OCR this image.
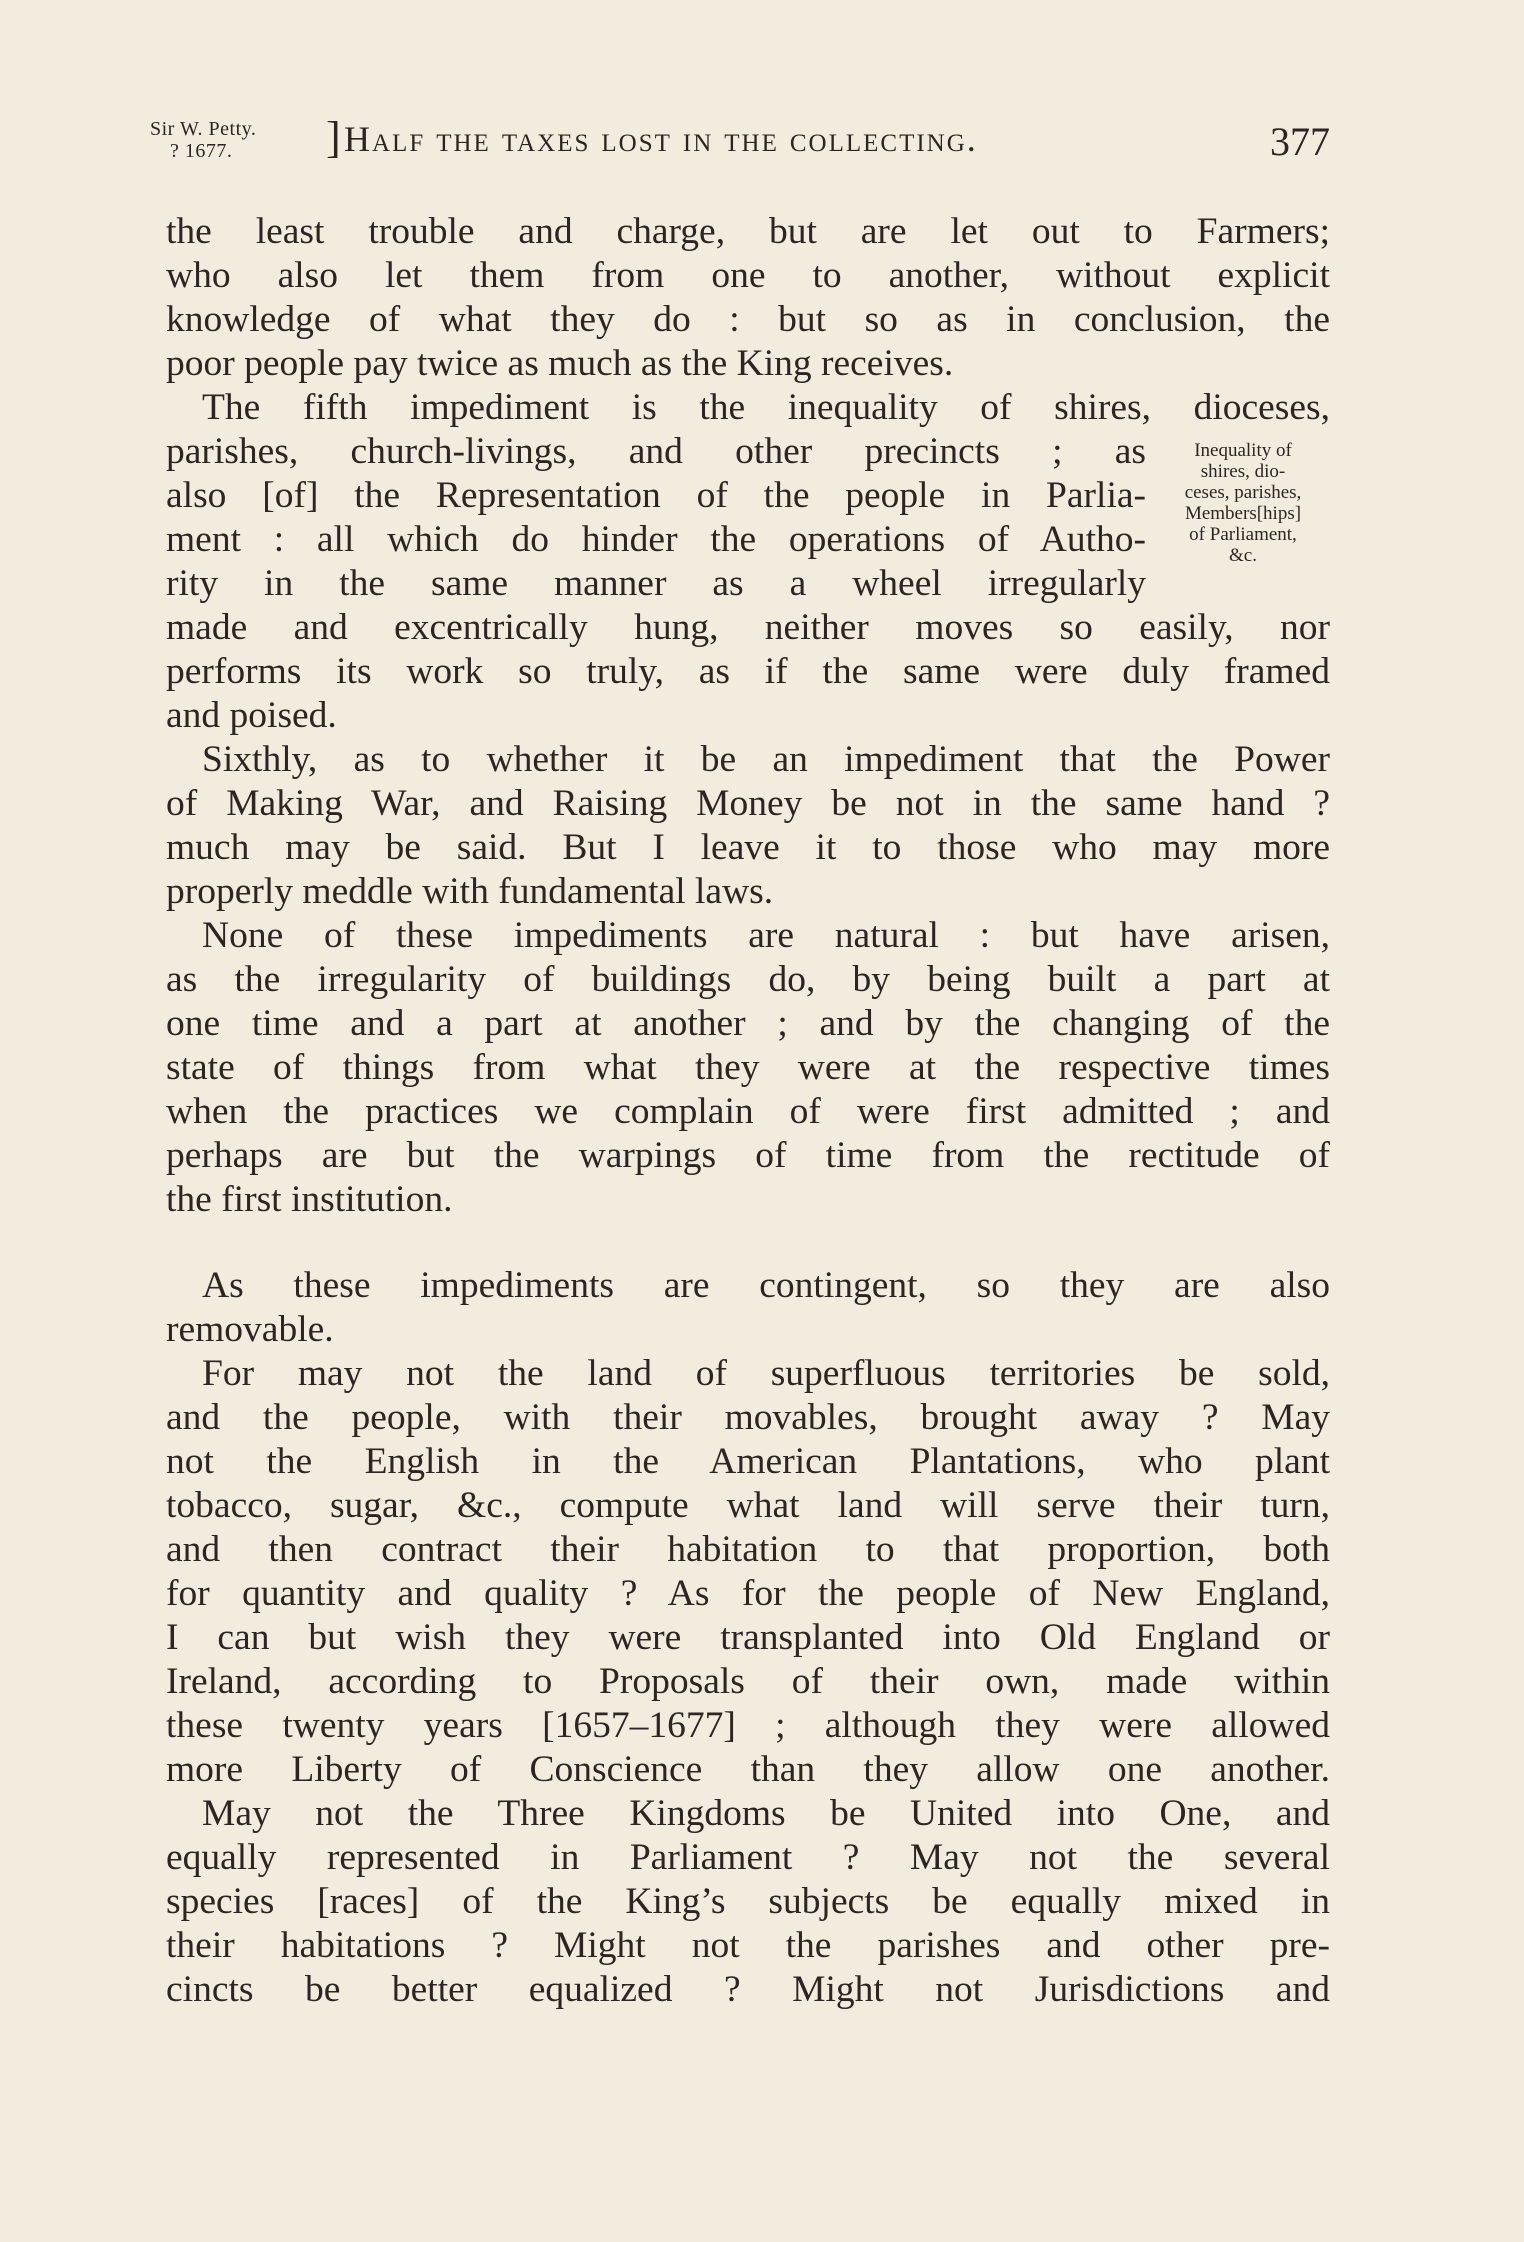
Sir W. Petty.
? 1677.	] Half the taxes lost in the collecting.	377
Inequality of
shires, dio-
ceses, parishes,
Members[hips]
of Parliament,
&c.
the least trouble and charge, but are let out to Farmers;
who also let them from one to another, without explicit
knowledge of what they do : but so as in conclusion, the
poor people pay twice as much as the King receives.
The fifth impediment is the inequality of shires, dioceses,
parishes, church-livings, and other precincts ; as
also [of] the Representation of the people in Parlia-
ment : all which do hinder the operations of Autho-
rity in the same manner as a wheel irregularly
made and excentrically hung, neither moves so easily, nor
performs its work so truly, as if the same were duly framed
and poised.
Sixthly, as to whether it be an impediment that the Power
of Making War, and Raising Money be not in the same hand ?
much may be said. But I leave it to those who may more
properly meddle with fundamental laws.
None of these impediments are natural : but have arisen,
as the irregularity of buildings do, by being built a part at
one time and a part at another ; and by the changing of the
state of things from what they were at the respective times
when the practices we complain of were first admitted ; and
perhaps are but the warpings of time from the rectitude of
the first institution.
As these impediments are contingent, so they are also
removable.
For may not the land of superfluous territories be sold,
and the people, with their movables, brought away ? May
not the English in the American Plantations, who plant
tobacco, sugar, &c., compute what land will serve their turn,
and then contract their habitation to that proportion, both
for quantity and quality ? As for the people of New England,
I can but wish they were transplanted into Old England or
Ireland, according to Proposals of their own, made within
these twenty years [1657–1677] ; although they were allowed
more Liberty of Conscience than they allow one another.
May not the Three Kingdoms be United into One, and
equally represented in Parliament ? May not the several
species [races] of the King’s subjects be equally mixed in
their habitations ? Might not the parishes and other pre-
cincts be better equalized ? Might not Jurisdictions and
